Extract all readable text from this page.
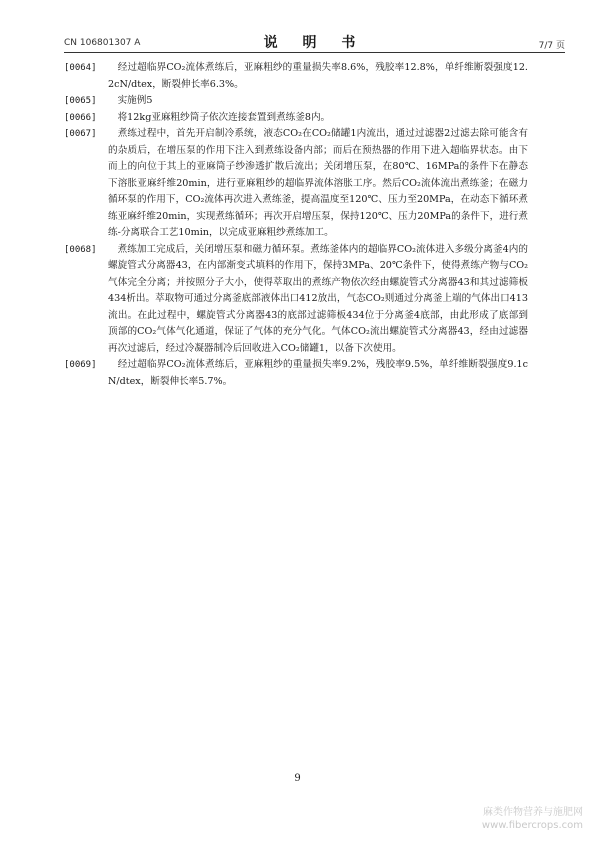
CN 106801307 A	说 明 书	7/7 页
[0064]	　经过超临界CO₂流体煮练后，亚麻粗纱的重量损失率8.6%，残胶率12.8%，单纤维断裂强度12.2cN/dtex，断裂伸长率6.3%。
[0065]	　实施例5
[0066]	　将12kg亚麻粗纱筒子依次连接套置到煮练釜8内。
[0067]	　煮练过程中，首先开启制冷系统，液态CO₂在CO₂储罐1内流出，通过过滤器2过滤去除可能含有的杂质后，在增压泵的作用下注入到煮练设备内部；而后在预热器的作用下进入超临界状态。由下而上的向位于其上的亚麻筒子纱渗透扩散后流出；关闭增压泵，在80℃、16MPa的条件下在静态下溶胀亚麻纤维20min，进行亚麻粗纱的超临界流体溶胀工序。然后CO₂流体流出煮练釜；在磁力循环泵的作用下，CO₂流体再次进入煮练釜，提高温度至120℃、压力至20MPa，在动态下循环煮练亚麻纤维20min，实现煮练循环；再次开启增压泵，保持120℃、压力20MPa的条件下，进行煮练-分离联合工艺10min，以完成亚麻粗纱煮练加工。
[0068]	　煮练加工完成后，关闭增压泵和磁力循环泵。煮练釜体内的超临界CO₂流体进入多级分离釜4内的螺旋管式分离器43，在内部渐变式填料的作用下，保持3MPa、20℃条件下，使得煮练产物与CO₂气体完全分离；并按照分子大小，使得萃取出的煮练产物依次经由螺旋管式分离器43和其过滤筛板434析出。萃取物可通过分离釜底部液体出口412放出，气态CO₂则通过分离釜上端的气体出口413流出。在此过程中，螺旋管式分离器43的底部过滤筛板434位于分离釜4底部，由此形成了底部到顶部的CO₂气体气化通道，保证了气体的充分气化。气体CO₂流出螺旋管式分离器43，经由过滤器再次过滤后，经过冷凝器制冷后回收进入CO₂储罐1，以备下次使用。
[0069]	　经过超临界CO₂流体煮练后，亚麻粗纱的重量损失率9.2%，残胶率9.5%，单纤维断裂强度9.1cN/dtex，断裂伸长率5.7%。
9
麻类作物营养与施肥网
www.fibercrops.com
